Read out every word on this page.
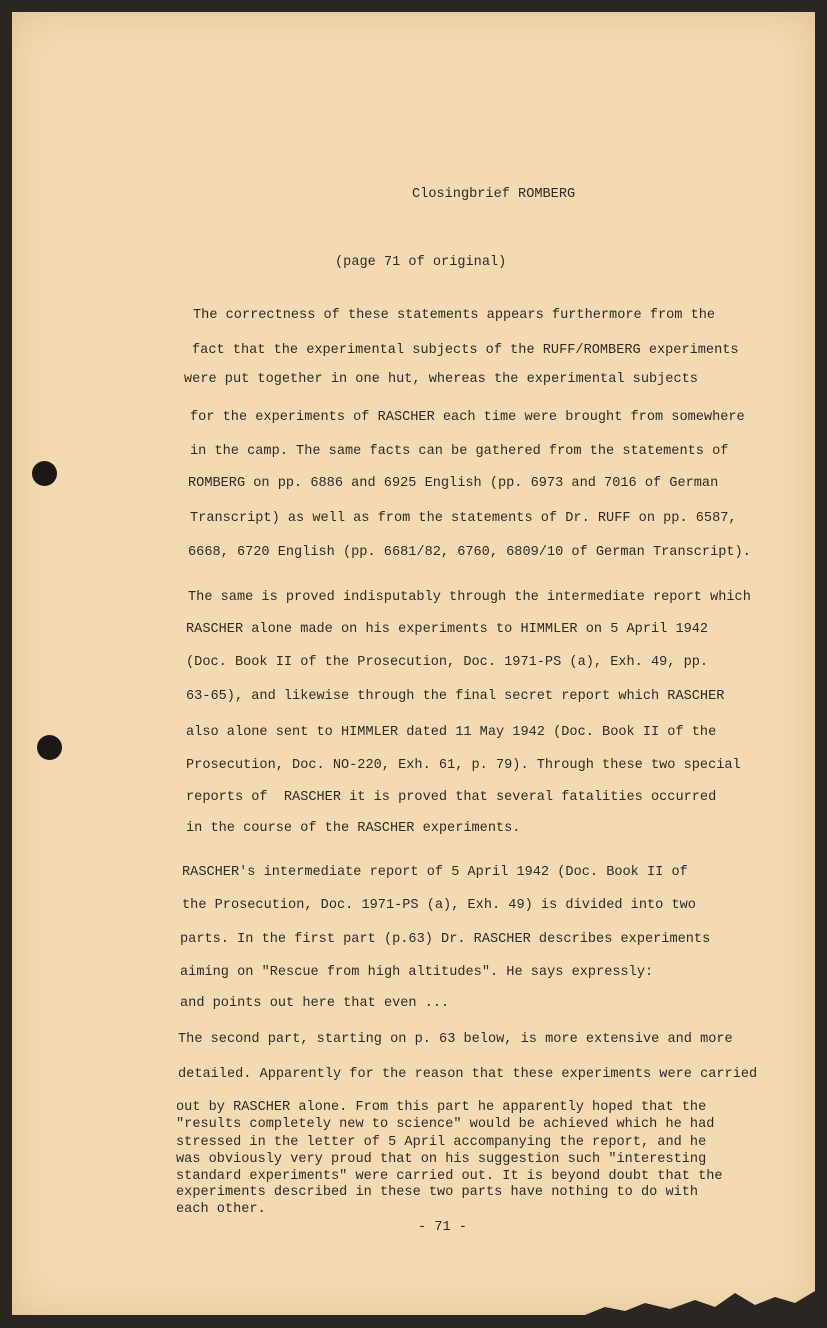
Closingbrief ROMBERG
(page 71 of original)
The correctness of these statements appears furthermore from the
fact that the experimental subjects of the RUFF/ROMBERG experiments
were put together in one hut, whereas the experimental subjects
for the experiments of RASCHER each time were brought from somewhere
in the camp. The same facts can be gathered from the statements of
ROMBERG on pp. 6886 and 6925 English (pp. 6973 and 7016 of German
Transcript) as well as from the statements of Dr. RUFF on pp. 6587,
6668, 6720 English (pp. 6681/82, 6760, 6809/10 of German Transcript).
The same is proved indisputably through the intermediate report which
RASCHER alone made on his experiments to HIMMLER on 5 April 1942
(Doc. Book II of the Prosecution, Doc. 1971-PS (a), Exh. 49, pp.
63-65), and likewise through the final secret report which RASCHER
also alone sent to HIMMLER dated 11 May 1942 (Doc. Book II of the
Prosecution, Doc. NO-220, Exh. 61, p. 79). Through these two special
reports of  RASCHER it is proved that several fatalities occurred
in the course of the RASCHER experiments.
RASCHER's intermediate report of 5 April 1942 (Doc. Book II of
the Prosecution, Doc. 1971-PS (a), Exh. 49) is divided into two
parts. In the first part (p.63) Dr. RASCHER describes experiments
aiming on "Rescue from high altitudes". He says expressly:
and points out here that even ...
The second part, starting on p. 63 below, is more extensive and more
detailed. Apparently for the reason that these experiments were carried
out by RASCHER alone. From this part he apparently hoped that the
"results completely new to science" would be achieved which he had
stressed in the letter of 5 April accompanying the report, and he
was obviously very proud that on his suggestion such "interesting
standard experiments" were carried out. It is beyond doubt that the
experiments described in these two parts have nothing to do with
each other.
- 71 -
